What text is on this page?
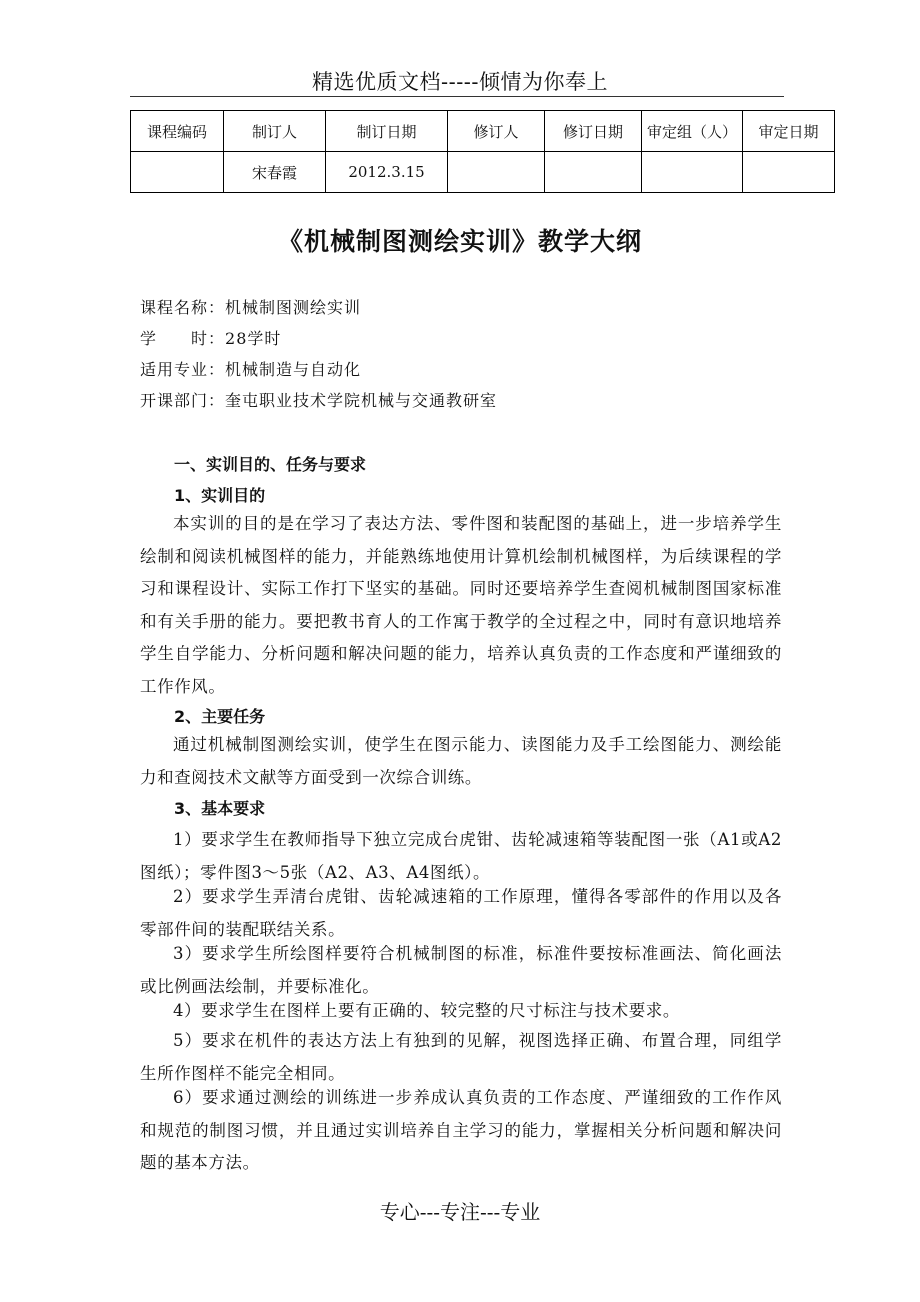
精选优质文档-----倾情为你奉上
课程编码	制订人	制订日期	修订人	修订日期	审定组（人）	审定日期
	宋春霞	2012.3.15				
《机械制图测绘实训》教学大纲
课程名称：机械制图测绘实训
学　　时：28学时
适用专业：机械制造与自动化
开课部门：奎屯职业技术学院机械与交通教研室
一、实训目的、任务与要求
1、实训目的
本实训的目的是在学习了表达方法、零件图和装配图的基础上，进一步培养学生绘制和阅读机械图样的能力，并能熟练地使用计算机绘制机械图样，为后续课程的学习和课程设计、实际工作打下坚实的基础。同时还要培养学生查阅机械制图国家标准和有关手册的能力。要把教书育人的工作寓于教学的全过程之中，同时有意识地培养学生自学能力、分析问题和解决问题的能力，培养认真负责的工作态度和严谨细致的工作作风。
2、主要任务
通过机械制图测绘实训，使学生在图示能力、读图能力及手工绘图能力、测绘能力和查阅技术文献等方面受到一次综合训练。
3、基本要求
1）要求学生在教师指导下独立完成台虎钳、齿轮减速箱等装配图一张（A1或A2图纸）；零件图3～5张（A2、A3、A4图纸）。
2）要求学生弄清台虎钳、齿轮减速箱的工作原理，懂得各零部件的作用以及各零部件间的装配联结关系。
3）要求学生所绘图样要符合机械制图的标准，标准件要按标准画法、简化画法或比例画法绘制，并要标准化。
4）要求学生在图样上要有正确的、较完整的尺寸标注与技术要求。
5）要求在机件的表达方法上有独到的见解，视图选择正确、布置合理，同组学生所作图样不能完全相同。
6）要求通过测绘的训练进一步养成认真负责的工作态度、严谨细致的工作作风和规范的制图习惯，并且通过实训培养自主学习的能力，掌握相关分析问题和解决问题的基本方法。
专心---专注---专业
